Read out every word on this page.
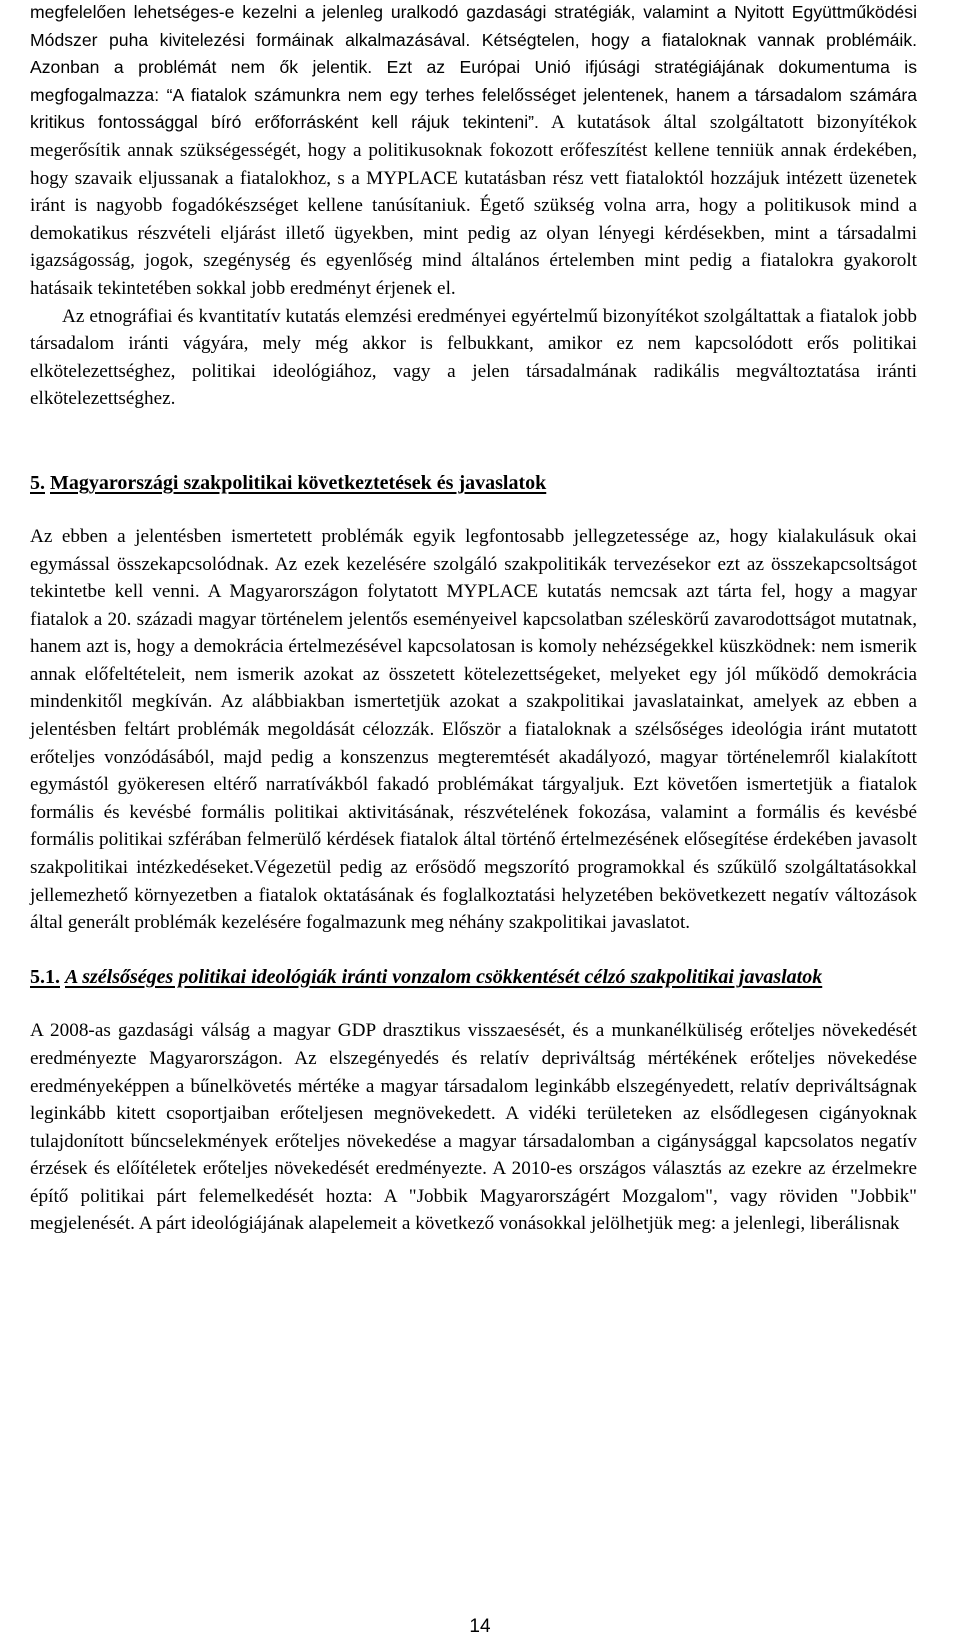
megfelelően lehetséges-e kezelni a jelenleg uralkodó gazdasági stratégiák, valamint a Nyitott Együttműködési Módszer puha kivitelezési formáinak alkalmazásával. Kétségtelen, hogy a fiataloknak vannak problémáik. Azonban a problémát nem ők jelentik. Ezt az Európai Unió ifjúsági stratégiájának dokumentuma is megfogalmazza: “A fiatalok számunkra nem egy terhes felelősséget jelentenek, hanem a társadalom számára kritikus fontossággal bíró erőforrásként kell rájuk tekinteni”. A kutatások által szolgáltatott bizonyítékok megerősítik annak szükségességét, hogy a politikusoknak fokozott erőfeszítést kellene tenniük annak érdekében, hogy szavaik eljussanak a fiatalokhoz, s a MYPLACE kutatásban rész vett fiataloktól hozzájuk intézett üzenetek iránt is nagyobb fogadókészséget kellene tanúsítaniuk. Égető szükség volna arra, hogy a politikusok mind a demokatikus részvételi eljárást illető ügyekben, mint pedig az olyan lényegi kérdésekben, mint a társadalmi igazságosság, jogok, szegénység és egyenlőség mind általános értelemben mint pedig a fiatalokra gyakorolt hatásaik tekintetében sokkal jobb eredményt érjenek el.

Az etnográfiai és kvantitatív kutatás elemzési eredményei egyértelmű bizonyítékot szolgáltattak a fiatalok jobb társadalom iránti vágyára, mely még akkor is felbukkant, amikor ez nem kapcsolódott erős politikai elkötelezettséghez, politikai ideológiához, vagy a jelen társadalmának radikális megváltoztatása iránti elkötelezettséghez.

5. Magyarországi szakpolitikai következtetések és javaslatok

Az ebben a jelentésben ismertetett problémák egyik legfontosabb jellegzetessége az, hogy kialakulásuk okai egymással összekapcsolódnak. Az ezek kezelésére szolgáló szakpolitikák tervezésekor ezt az összekapcsoltságot tekintetbe kell venni. A Magyarországon folytatott MYPLACE kutatás nemcsak azt tárta fel, hogy a magyar fiatalok a 20. századi magyar történelem jelentős eseményeivel kapcsolatban széleskörű zavarodottságot mutatnak, hanem azt is, hogy a demokrácia értelmezésével kapcsolatosan is komoly nehézségekkel küszködnek: nem ismerik annak előfeltételeit, nem ismerik azokat az összetett kötelezettségeket, melyeket egy jól működő demokrácia mindenkitől megkíván. Az alábbiakban ismertetjük azokat a szakpolitikai javaslatainkat, amelyek az ebben a jelentésben feltárt problémák megoldását célozzák. Először a fiataloknak a szélsőséges ideológia iránt mutatott erőteljes vonzódásából, majd pedig a konszenzus megteremtését akadályozó, magyar történelemről kialakított egymástól gyökeresen eltérő narratívákból fakadó problémákat tárgyaljuk. Ezt követően ismertetjük a fiatalok formális és kevésbé formális politikai aktivitásának, részvételének fokozása, valamint a formális és kevésbé formális politikai szférában felmerülő kérdések fiatalok által történő értelmezésének elősegítése érdekében javasolt szakpolitikai intézkedéseket.Végezetül pedig az erősödő megszorító programokkal és szűkülő szolgáltatásokkal jellemezhető környezetben a fiatalok oktatásának és foglalkoztatási helyzetében bekövetkezett negatív változások által generált problémák kezelésére fogalmazunk meg néhány szakpolitikai javaslatot.

5.1. A szélsőséges politikai ideológiák iránti vonzalom csökkentését célzó szakpolitikai javaslatok

A 2008-as gazdasági válság a magyar GDP drasztikus visszaesését, és a munkanélküliség erőteljes növekedését eredményezte Magyarországon. Az elszegényedés és relatív depriváltság mértékének erőteljes növekedése eredményeképpen a bűnelkövetés mértéke a magyar társadalom leginkább elszegényedett, relatív depriváltságnak leginkább kitett csoportjaiban erőteljesen megnövekedett. A vidéki területeken az elsődlegesen cigányoknak tulajdonított bűncselekmények erőteljes növekedése a magyar társadalomban a cigánysággal kapcsolatos negatív érzések és előítéletek erőteljes növekedését eredményezte. A 2010-es országos választás az ezekre az érzelmekre építő politikai párt felemelkedését hozta: A "Jobbik Magyarországért Mozgalom", vagy röviden "Jobbik" megjelenését. A párt ideológiájának alapelemeit a következő vonásokkal jelölhetjük meg: a jelenlegi, liberálisnak

14
